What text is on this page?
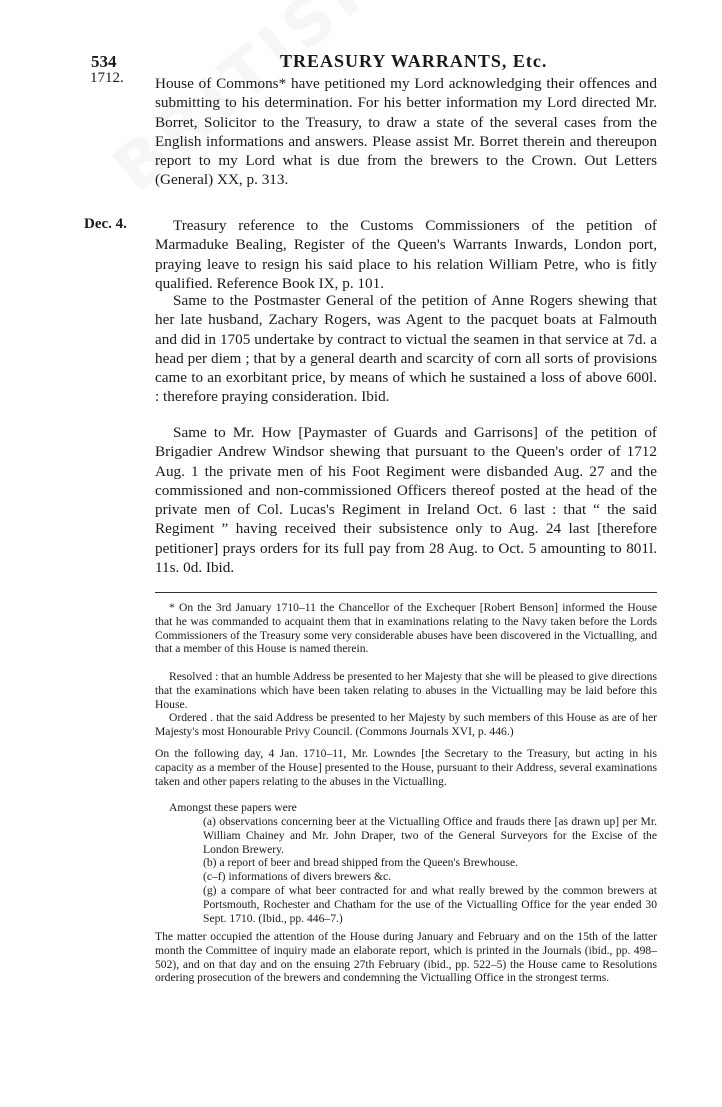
534	TREASURY WARRANTS, Etc.
1712. House of Commons* have petitioned my Lord acknowledging their offences and submitting to his determination. For his better information my Lord directed Mr. Borret, Solicitor to the Treasury, to draw a state of the several cases from the English informations and answers. Please assist Mr. Borret therein and thereupon report to my Lord what is due from the brewers to the Crown. Out Letters (General) XX, p. 313.
Dec. 4.	Treasury reference to the Customs Commissioners of the petition of Marmaduke Bealing, Register of the Queen's Warrants Inwards, London port, praying leave to resign his said place to his relation William Petre, who is fitly qualified. Reference Book IX, p. 101.
Same to the Postmaster General of the petition of Anne Rogers shewing that her late husband, Zachary Rogers, was Agent to the pacquet boats at Falmouth and did in 1705 undertake by contract to victual the seamen in that service at 7d. a head per diem ; that by a general dearth and scarcity of corn all sorts of provisions came to an exorbitant price, by means of which he sustained a loss of above 600l. : therefore praying consideration. Ibid.
Same to Mr. How [Paymaster of Guards and Garrisons] of the petition of Brigadier Andrew Windsor shewing that pursuant to the Queen's order of 1712 Aug. 1 the private men of his Foot Regiment were disbanded Aug. 27 and the commissioned and non-commissioned Officers thereof posted at the head of the private men of Col. Lucas's Regiment in Ireland Oct. 6 last : that “ the said Regiment ” having received their subsistence only to Aug. 24 last [therefore petitioner] prays orders for its full pay from 28 Aug. to Oct. 5 amounting to 801l. 11s. 0d. Ibid.
* On the 3rd January 1710–11 the Chancellor of the Exchequer [Robert Benson] informed the House that he was commanded to acquaint them that in examinations relating to the Navy taken before the Lords Commissioners of the Treasury some very considerable abuses have been discovered in the Victualling, and that a member of this House is named therein.
Resolved : that an humble Address be presented to her Majesty that she will be pleased to give directions that the examinations which have been taken relating to abuses in the Victualling may be laid before this House.
Ordered . that the said Address be presented to her Majesty by such members of this House as are of her Majesty's most Honourable Privy Council. (Commons Journals XVI, p. 446.)
On the following day, 4 Jan. 1710–11, Mr. Lowndes [the Secretary to the Treasury, but acting in his capacity as a member of the House] presented to the House, pursuant to their Address, several examinations taken and other papers relating to the abuses in the Victualling.
Amongst these papers were
(a) observations concerning beer at the Victualling Office and frauds there [as drawn up] per Mr. William Chainey and Mr. John Draper, two of the General Surveyors for the Excise of the London Brewery.
(b) a report of beer and bread shipped from the Queen's Brewhouse.
(c–f) informations of divers brewers &c.
(g) a compare of what beer contracted for and what really brewed by the common brewers at Portsmouth, Rochester and Chatham for the use of the Victualling Office for the year ended 30 Sept. 1710. (Ibid., pp. 446–7.)
The matter occupied the attention of the House during January and February and on the 15th of the latter month the Committee of inquiry made an elaborate report, which is printed in the Journals (ibid., pp. 498–502), and on that day and on the ensuing 27th February (ibid., pp. 522–5) the House came to Resolutions ordering prosecution of the brewers and condemning the Victualling Office in the strongest terms.
